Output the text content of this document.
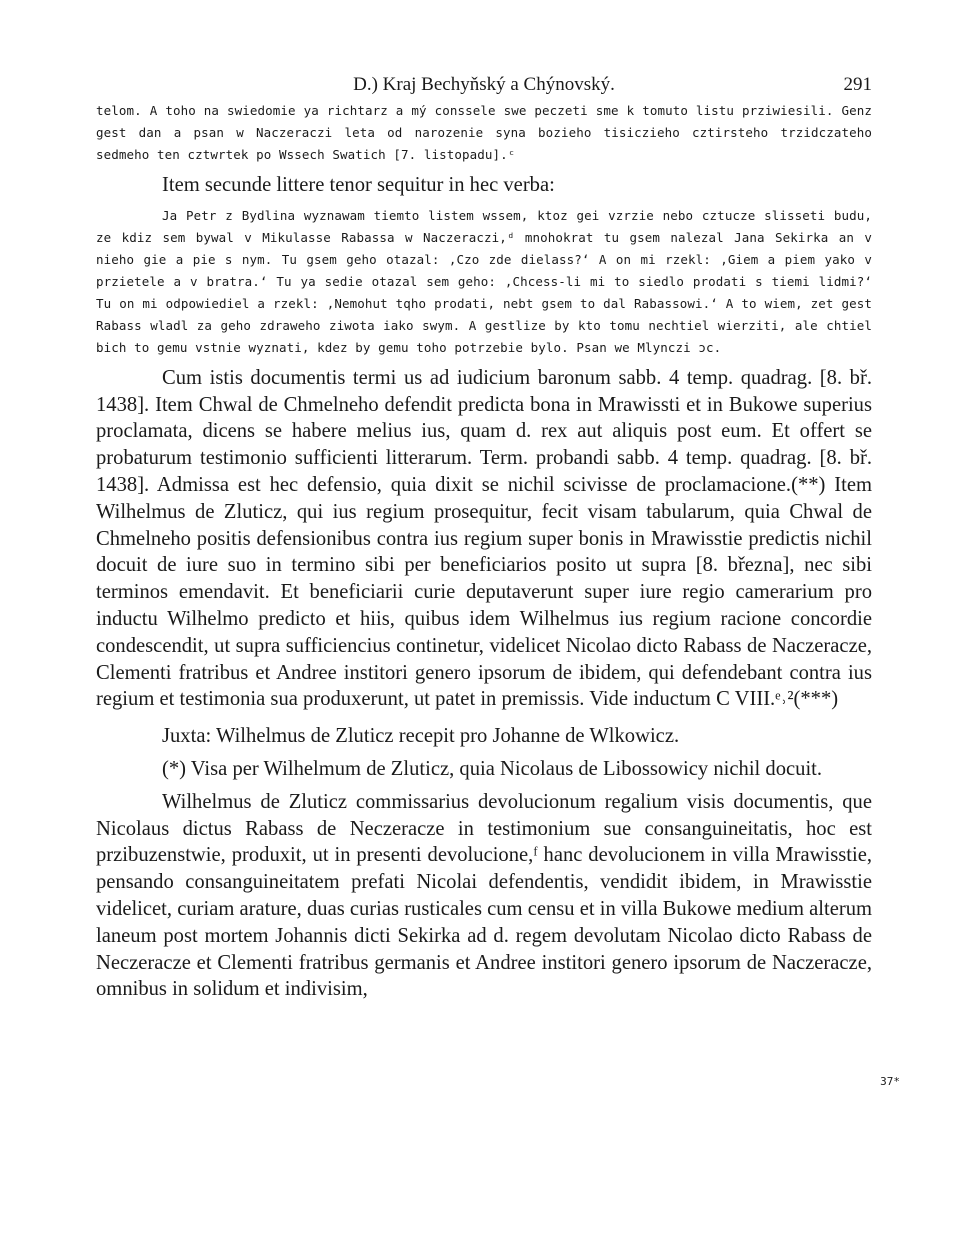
D.) Kraj Bechyňský a Chýnovský.	291

telom. A toho na swiedomie ya richtarz a mý conssele swe peczeti sme k tomuto listu prziwiesili. Genz gest dan a psan w Naczeraczi leta od narozenie syna bozieho tisiczieho cztirsteho trzidczateho sedmeho ten cztwrtek po Wssech Swatich [7. listopadu].ᶜ

Item secunde littere tenor sequitur in hec verba:

Ja Petr z Bydlina wyznawam tiemto listem wssem, ktoz gei vzrzie nebo cztucze slisseti budu, ze kdiz sem bywal v Mikulasse Rabassa w Naczeraczi,ᵈ mnohokrat tu gsem nalezal Jana Sekirka an v nieho gie a pie s nym. Tu gsem geho otazal: ‚Czo zde dielass?‘ A on mi rzekl: ‚Giem a piem yako v przietele a v bratra.‘ Tu ya sedie otazal sem geho: ‚Chcess-li mi to siedlo prodati s tiemi lidmi?‘ Tu on mi odpowiediel a rzekl: ‚Nemohut tqho prodati, nebt gsem to dal Rabassowi.‘ A to wiem, zet gest Rabass wladl za geho zdraweho ziwota iako swym. A gestlize by kto tomu nechtiel wierziti, ale chtiel bich to gemu vstnie wyznati, kdez by gemu toho potrzebie bylo. Psan we Mlynczi ɔc.

Cum istis documentis termi us ad iudicium baronum sabb. 4 temp. quadrag. [8. bř. 1438]. Item Chwal de Chmelneho defendit predicta bona in Mrawissti et in Bukowe superius proclamata, dicens se habere melius ius, quam d. rex aut aliquis post eum. Et offert se probaturum testimonio sufficienti litterarum. Term. probandi sabb. 4 temp. quadrag. [8. bř. 1438]. Admissa est hec defensio, quia dixit se nichil scivisse de proclamacione.(**) Item Wilhelmus de Zluticz, qui ius regium prosequitur, fecit visam tabularum, quia Chwal de Chmelneho positis defensionibus contra ius regium super bonis in Mrawisstie predictis nichil docuit de iure suo in termino sibi per beneficiarios posito ut supra [8. března], nec sibi terminos emendavit. Et beneficiarii curie deputaverunt super iure regio camerarium pro inductu Wilhelmo predicto et hiis, quibus idem Wilhelmus ius regium racione concordie condescendit, ut supra sufficiencius continetur, videlicet Nicolao dicto Rabass de Naczeracze, Clementi fratribus et Andree institori genero ipsorum de ibidem, qui defendebant contra ius regium et testimonia sua produxerunt, ut patet in premissis. Vide inductum C VIII.ᵉ˒²(***)

Juxta: Wilhelmus de Zluticz recepit pro Johanne de Wlkowicz.

(*) Visa per Wilhelmum de Zluticz, quia Nicolaus de Libossowicy nichil docuit.

Wilhelmus de Zluticz commissarius devolucionum regalium visis documentis, que Nicolaus dictus Rabass de Neczeracze in testimonium sue consanguineitatis, hoc est przibuzenstwie, produxit, ut in presenti devolucione,ᶠ hanc devolucionem in villa Mrawisstie, pensando consanguineitatem prefati Nicolai defendentis, vendidit ibidem, in Mrawisstie videlicet, curiam arature, duas curias rusticales cum censu et in villa Bukowe medium alterum laneum post mortem Johannis dicti Sekirka ad d. regem devolutam Nicolao dicto Rabass de Neczeracze et Clementi fratribus germanis et Andree institori genero ipsorum de Naczeracze, omnibus in solidum et indivisim,

37*
